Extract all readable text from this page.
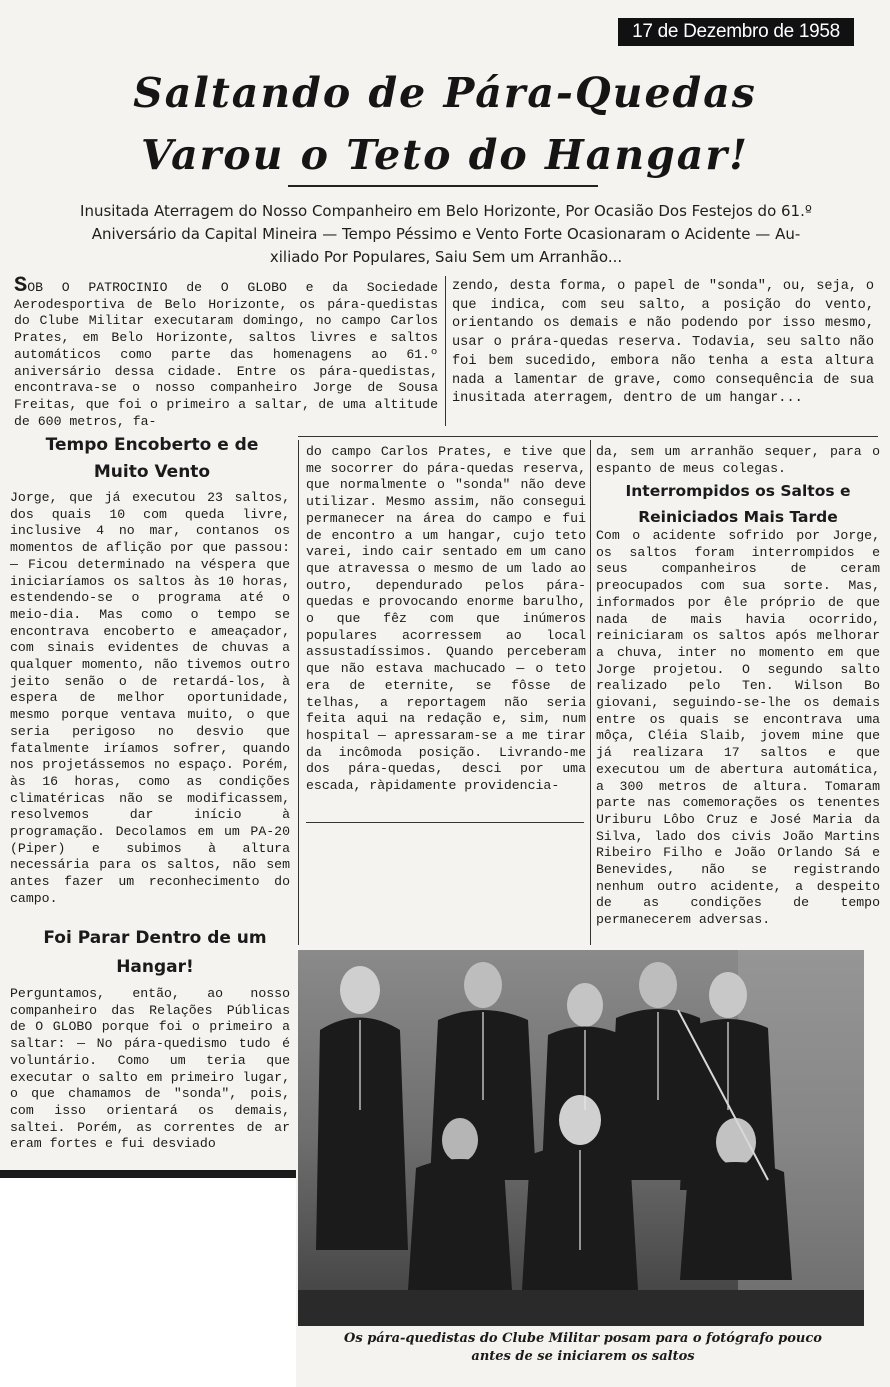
17 de Dezembro de 1958
Saltando de Pára-Quedas
Varou o Teto do Hangar!
Inusitada Aterragem do Nosso Companheiro em Belo Horizonte, Por Ocasião Dos Festejos do 61.º
Aniversário da Capital Mineira — Tempo Péssimo e Vento Forte Ocasionaram o Acidente — Au-
xiliado Por Populares, Saiu Sem um Arranhão...

SOB O PATROCINIO de O GLOBO e da Sociedade Aerodesportiva de Belo Horizonte, os pára-quedistas do Clube Militar executaram domingo, no campo Carlos Prates, em Belo Horizonte, saltos livres e saltos automáticos como parte das homenagens ao 61.º aniversário dessa cidade. Entre os pára-quedistas, encontrava-se o nosso companheiro Jorge de Sousa Freitas, que foi o primeiro a saltar, de uma altitude de 600 metros, fa-

zendo, desta forma, o papel de "sonda", ou, seja, o que indica, com seu salto, a posição do vento, orientando os demais e não podendo por isso mesmo, usar o prára-quedas reserva. Todavia, seu salto não foi bem sucedido, embora não tenha a esta altura nada a lamentar de grave, como consequência de sua inusitada aterragem, dentro de um hangar...

Tempo Encoberto e de
Muito Vento

Jorge, que já executou 23 saltos, dos quais 10 com queda livre, inclusive 4 no mar, contanos os momentos de aflição por que passou: — Ficou determinado na véspera que iniciaríamos os saltos às 10 horas, estendendo-se o programa até o meio-dia. Mas como o tempo se encontrava encoberto e ameaçador, com sinais evidentes de chuvas a qualquer momento, não tivemos outro jeito senão o de retardá-los, à espera de melhor oportunidade, mesmo porque ventava muito, o que seria perigoso no desvio que fatalmente iríamos sofrer, quando nos projetássemos no espaço. Porém, às 16 horas, como as condições climatéricas não se modificassem, resolvemos dar início à programação. Decolamos em um PA-20 (Piper) e subimos à altura necessária para os saltos, não sem antes fazer um reconhecimento do campo.

Foi Parar Dentro de um
Hangar!

Perguntamos, então, ao nosso companheiro das Relações Públicas de O GLOBO porque foi o primeiro a saltar: — No pára-quedismo tudo é voluntário. Como um teria que executar o salto em primeiro lugar, o que chamamos de "sonda", pois, com isso orientará os demais, saltei. Porém, as correntes de ar eram fortes e fui desviado

do campo Carlos Prates, e tive que me socorrer do pára-quedas reserva, que normalmente o "sonda" não deve utilizar. Mesmo assim, não consegui permanecer na área do campo e fui de encontro a um hangar, cujo teto varei, indo cair sentado em um cano que atravessa o mesmo de um lado ao outro, dependurado pelos pára-quedas e provocando enorme barulho, o que fêz com que inúmeros populares acorressem ao local assustadíssimos. Quando perceberam que não estava machucado — o teto era de eternite, se fôsse de telhas, a reportagem não seria feita aqui na redação e, sim, num hospital — apressaram-se a me tirar da incômoda posição. Livrando-me dos pára-quedas, desci por uma escada, ràpidamente providencia-

da, sem um arranhão sequer, para o espanto de meus colegas.

Interrompidos os Saltos e
Reiniciados Mais Tarde

Com o acidente sofrido por Jorge, os saltos foram interrompidos e seus companheiros de ceram preocupados com sua sorte. Mas, informados por êle próprio de que nada de mais havia ocorrido, reiniciaram os saltos após melhorar a chuva, inter no momento em que Jorge projetou. O segundo salto realizado pelo Ten. Wilson Bo giovani, seguindo-se-lhe os demais entre os quais se encontrava uma môça, Cléia Slaib, jovem mine que já realizara 17 saltos e que executou um de abertura automática, a 300 metros de altura. Tomaram parte nas comemorações os tenentes Uriburu Lôbo Cruz e José Maria da Silva, lado dos civis João Martins Ribeiro Filho e João Orlando Sá e Benevides, não se registrando nenhum outro acidente, a despeito de as condições de tempo permanecerem adversas.

Os pára-quedistas do Clube Militar posam para o fotógrafo pouco
antes de se iniciarem os saltos
